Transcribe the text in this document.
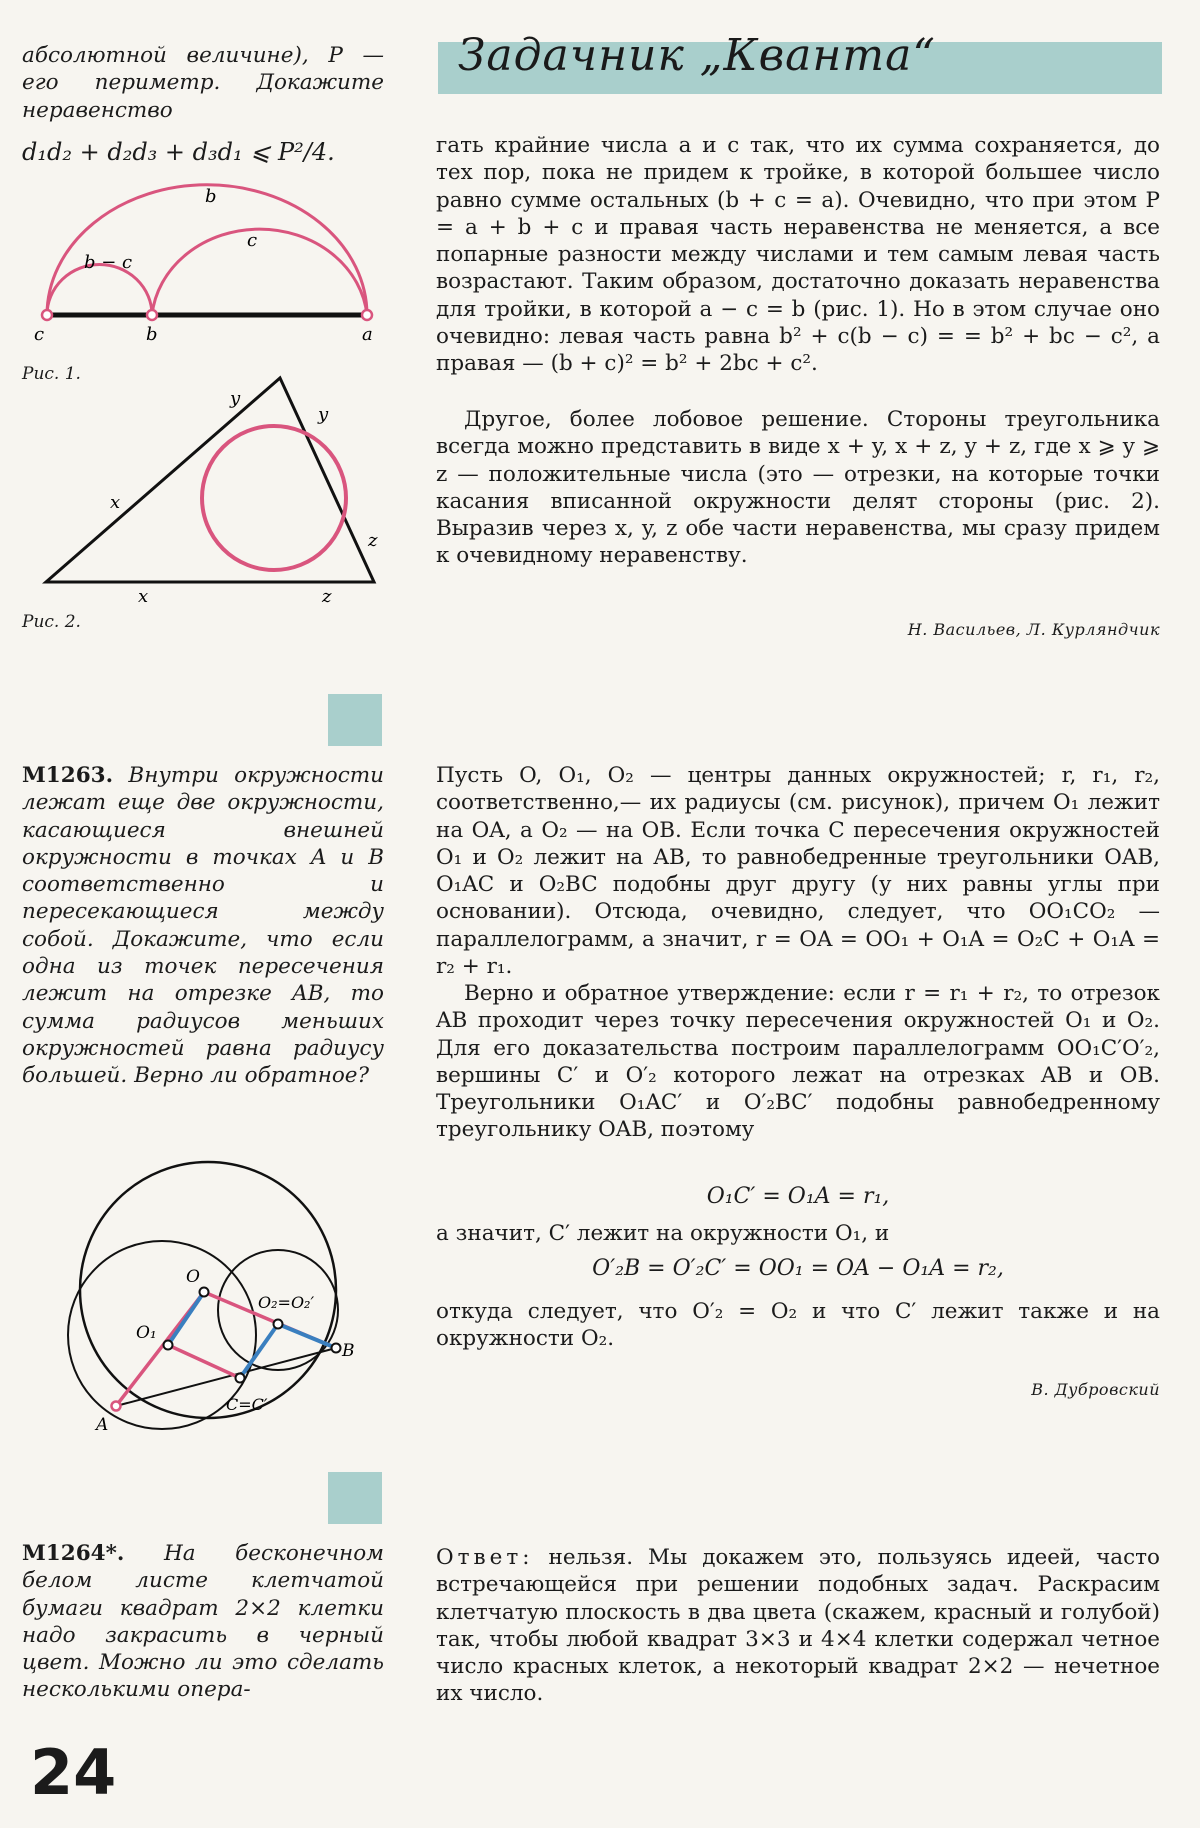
Задачник „Кванта“
абсолютной величине), P — его периметр. Докажите неравенство
d₁d₂ + d₂d₃ + d₃d₁ ⩽ P²/4.
b
c
b − c
c	b	a
Рис. 1.
y
y
x
z
x	z
Рис. 2.
гать крайние числа a и c так, что их сумма сохраняется, до тех пор, пока не придем к тройке, в которой большее число равно сумме остальных (b + c = a). Очевидно, что при этом P = a + b + c и правая часть неравенства не меняется, а все попарные разности между числами и тем самым левая часть возрастают. Таким образом, достаточно доказать неравенства для тройки, в которой a − c = b (рис. 1). Но в этом случае оно очевидно: левая часть равна b² + c(b − c) = = b² + bc − c², а правая — (b + c)² = b² + 2bc + c².
Другое, более лобовое решение. Стороны треугольника всегда можно представить в виде x + y, x + z, y + z, где x ⩾ y ⩾ z — положительные числа (это — отрезки, на которые точки касания вписанной окружности делят стороны (рис. 2). Выразив через x, y, z обе части неравенства, мы сразу придем к очевидному неравенству.
Н. Васильев, Л. Курляндчик
М1263. Внутри окружности лежат еще две окружности, касающиеся внешней окружности в точках A и B соответственно и пересекающиеся между собой. Докажите, что если одна из точек пересечения лежит на отрезке AB, то сумма радиусов меньших окружностей равна радиусу большей. Верно ли обратное?
O
O₁
O₂=O₂′
A
B
C=C′
Пусть O, O₁, O₂ — центры данных окружностей; r, r₁, r₂, соответственно,— их радиусы (см. рисунок), причем O₁ лежит на OA, а O₂ — на OB. Если точка C пересечения окружностей O₁ и O₂ лежит на AB, то равнобедренные треугольники OAB, O₁AC и O₂BC подобны друг другу (у них равны углы при основании). Отсюда, очевидно, следует, что OO₁CO₂ — параллелограмм, а значит, r = OA = OO₁ + O₁A = O₂C + O₁A = r₂ + r₁.
Верно и обратное утверждение: если r = r₁ + r₂, то отрезок AB проходит через точку пересечения окружностей O₁ и O₂. Для его доказательства построим параллелограмм OO₁C′O′₂, вершины C′ и O′₂ которого лежат на отрезках AB и OB. Треугольники O₁AC′ и O′₂BC′ подобны равнобедренному треугольнику OAB, поэтому
O₁C′ = O₁A = r₁,
а значит, C′ лежит на окружности O₁, и
O′₂B = O′₂C′ = OO₁ = OA − O₁A = r₂,
откуда следует, что O′₂ = O₂ и что C′ лежит также и на окружности O₂.
В. Дубровский
М1264*. На бесконечном белом листе клетчатой бумаги квадрат 2×2 клетки надо закрасить в черный цвет. Можно ли это сделать несколькими опера-
Ответ: нельзя. Мы докажем это, пользуясь идеей, часто встречающейся при решении подобных задач. Раскрасим клетчатую плоскость в два цвета (скажем, красный и голубой) так, чтобы любой квадрат 3×3 и 4×4 клетки содержал четное число красных клеток, а некоторый квадрат 2×2 — нечетное их число.
24
